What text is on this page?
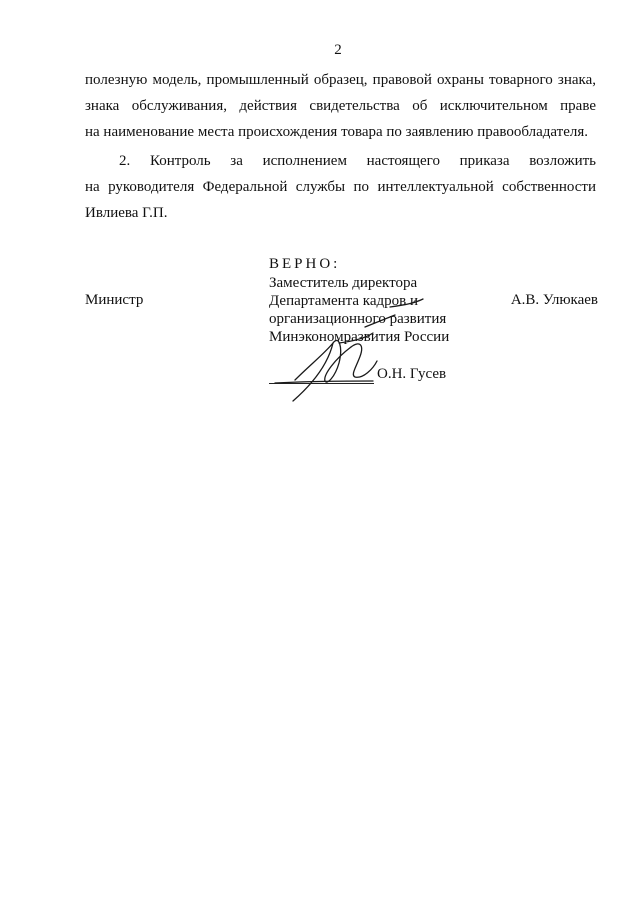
2
полезную модель, промышленный образец, правовой охраны товарного знака,
знака обслуживания, действия свидетельства об исключительном праве
на наименование места происхождения товара по заявлению правообладателя.
2. Контроль за исполнением настоящего приказа возложить
на руководителя Федеральной службы по интеллектуальной собственности
Ивлиева Г.П.
Министр	А.В. Улюкаев
ВЕРНО:
Заместитель директора
Департамента кадров и
организационного развития
Минэкономразвития России
О.Н. Гусев
